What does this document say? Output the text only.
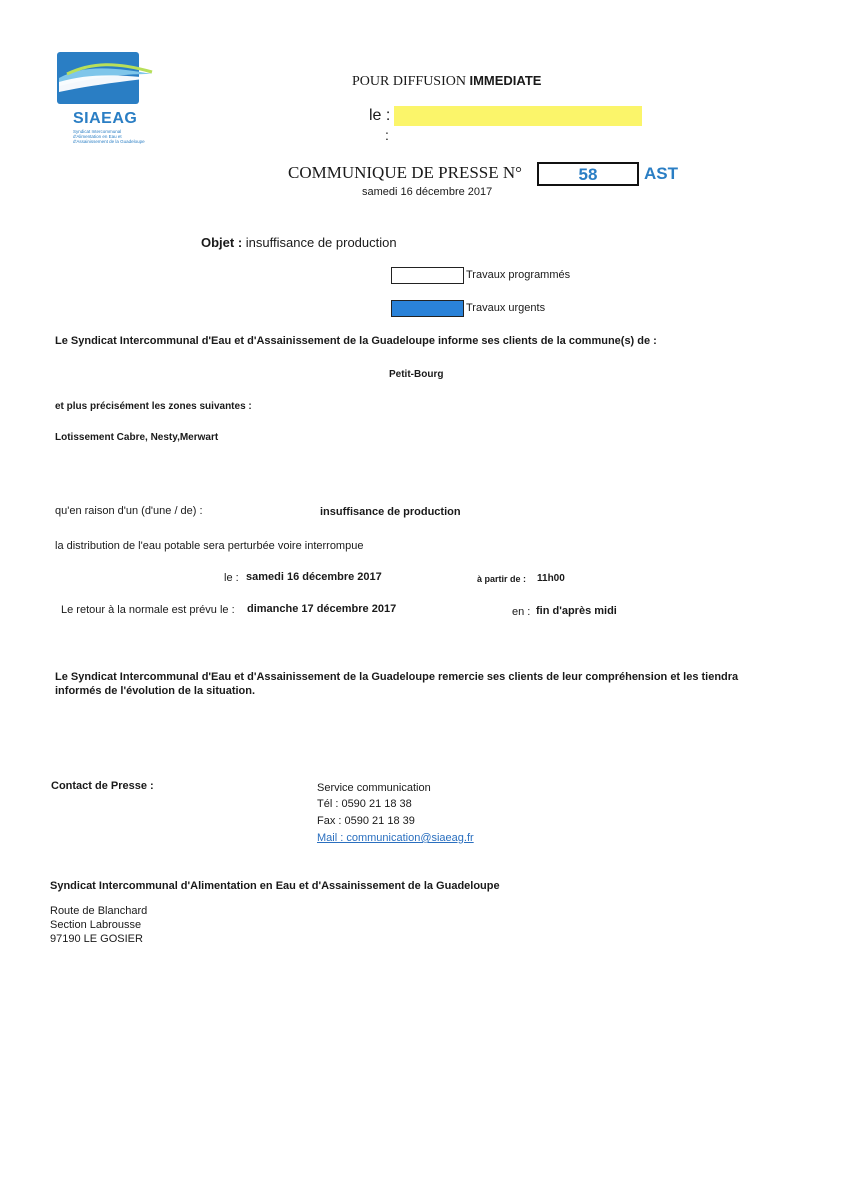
SIAEAG
Syndicat Intercommunal d'Alimentation en Eau et d'Assainissement de la Guadeloupe
POUR DIFFUSION IMMEDIATE
le :
:
COMMUNIQUE DE PRESSE N°	58	AST
samedi 16 décembre 2017
Objet : insuffisance de production
Travaux programmés
Travaux urgents
Le Syndicat Intercommunal d'Eau et d'Assainissement de la Guadeloupe informe ses clients de la commune(s) de :
Petit-Bourg
et plus précisément les zones suivantes :
Lotissement Cabre, Nesty,Merwart
qu'en raison d'un (d'une / de) :	insuffisance de production
la distribution de l'eau potable sera perturbée voire interrompue
le : samedi 16 décembre 2017	à partir de : 11h00
Le retour à la normale est prévu le : dimanche 17 décembre 2017	en : fin d'après midi
Le Syndicat Intercommunal d'Eau et d'Assainissement de la Guadeloupe remercie ses clients de leur compréhension et les tiendra
informés de l'évolution de la situation.
Contact de Presse :	Service communication
Tél : 0590 21 18 38
Fax : 0590 21 18 39
Mail : communication@siaeag.fr
Syndicat Intercommunal d'Alimentation en Eau et d'Assainissement de la Guadeloupe
Route de Blanchard
Section Labrousse
97190 LE GOSIER
